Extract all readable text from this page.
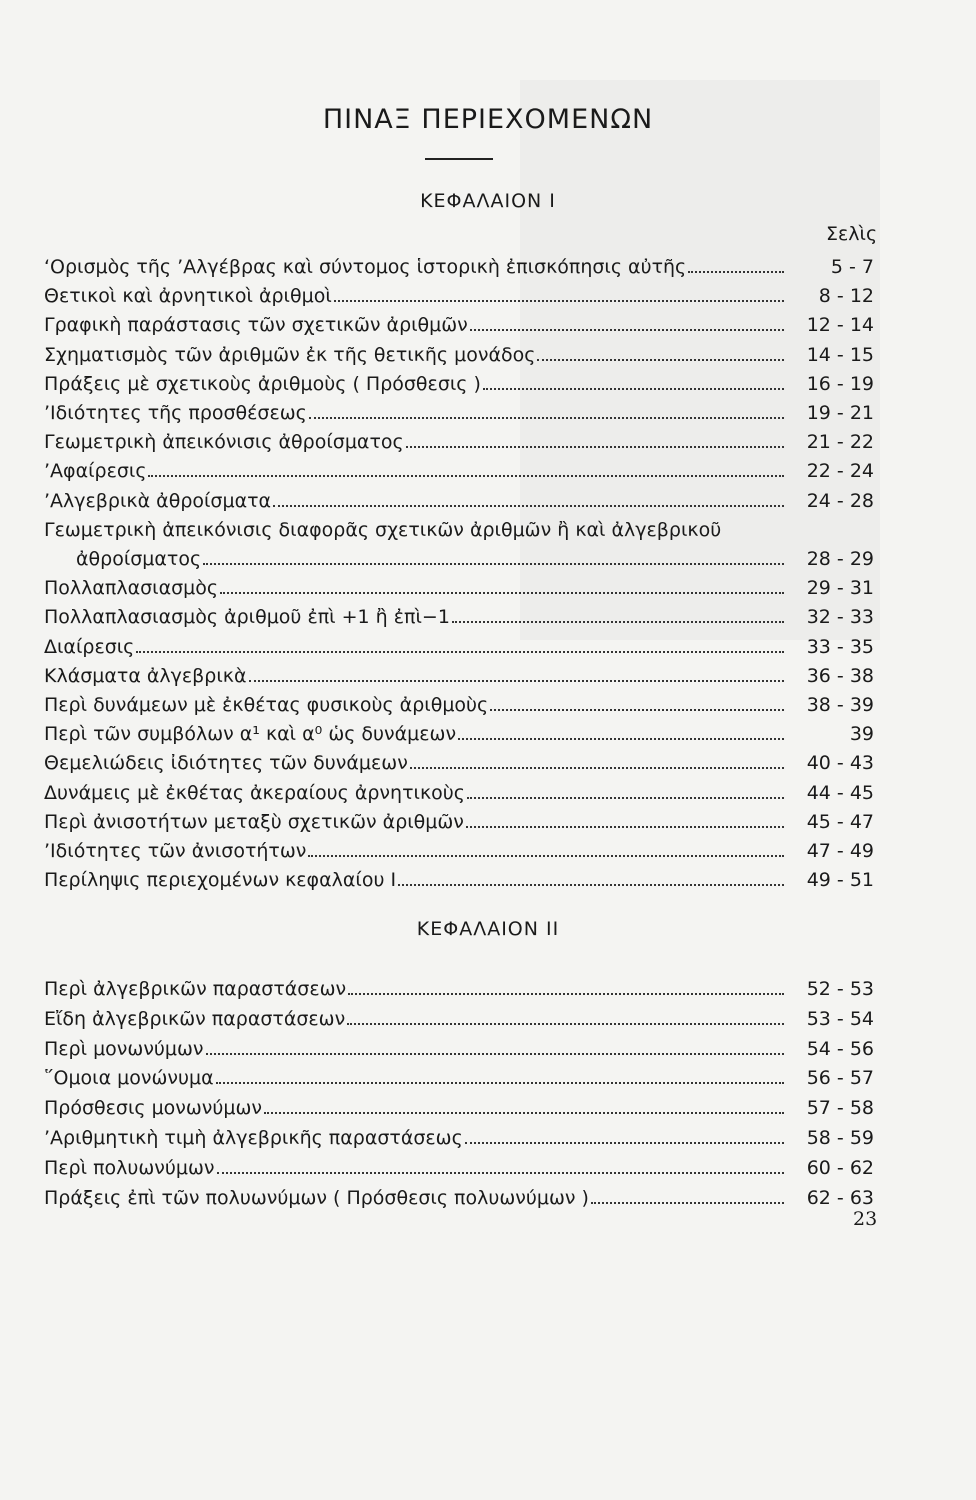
ΠΙΝΑΞ ΠΕΡΙΕΧΟΜΕΝΩΝ
ΚΕΦΑΛΑΙΟΝ I
Σελὶς
‘Ορισμὸς τῆς ’Αλγέβρας καὶ σύντομος ἱστορικὴ ἐπισκόπησις αὐτῆς	5 - 7
Θετικοὶ καὶ ἀρνητικοὶ ἀριθμοὶ	8 - 12
Γραφικὴ παράστασις τῶν σχετικῶν ἀριθμῶν	12 - 14
Σχηματισμὸς τῶν ἀριθμῶν ἐκ τῆς θετικῆς μονάδος	14 - 15
Πράξεις μὲ σχετικοὺς ἀριθμοὺς ( Πρόσθεσις )	16 - 19
’Ιδιότητες τῆς προσθέσεως	19 - 21
Γεωμετρικὴ ἀπεικόνισις ἀθροίσματος	21 - 22
’Αφαίρεσις	22 - 24
’Αλγεβρικὰ ἀθροίσματα	24 - 28
Γεωμετρικὴ ἀπεικόνισις διαφορᾶς σχετικῶν ἀριθμῶν ἢ καὶ ἀλγεβρικοῦ
ἀθροίσματος	28 - 29
Πολλαπλασιασμὸς	29 - 31
Πολλαπλασιασμὸς ἀριθμοῦ ἐπὶ +1 ἢ ἐπὶ−1	32 - 33
Διαίρεσις	33 - 35
Κλάσματα ἀλγεβρικὰ	36 - 38
Περὶ δυνάμεων μὲ ἐκθέτας φυσικοὺς ἀριθμοὺς	38 - 39
Περὶ τῶν συμβόλων α¹ καὶ α⁰ ὡς δυνάμεων	39
Θεμελιώδεις ἰδιότητες τῶν δυνάμεων	40 - 43
Δυνάμεις μὲ ἐκθέτας ἀκεραίους ἀρνητικοὺς	44 - 45
Περὶ ἀνισοτήτων μεταξὺ σχετικῶν ἀριθμῶν	45 - 47
’Ιδιότητες τῶν ἀνισοτήτων	47 - 49
Περίληψις περιεχομένων κεφαλαίου I	49 - 51
ΚΕΦΑΛΑΙΟΝ II
Περὶ ἀλγεβρικῶν παραστάσεων	52 - 53
Εἴδη ἀλγεβρικῶν παραστάσεων	53 - 54
Περὶ μονωνύμων	54 - 56
῞Ομοια μονώνυμα	56 - 57
Πρόσθεσις μονωνύμων	57 - 58
’Αριθμητικὴ τιμὴ ἀλγεβρικῆς παραστάσεως	58 - 59
Περὶ πολυωνύμων	60 - 62
Πράξεις ἐπὶ τῶν πολυωνύμων ( Πρόσθεσις πολυωνύμων )	62 - 63
23
